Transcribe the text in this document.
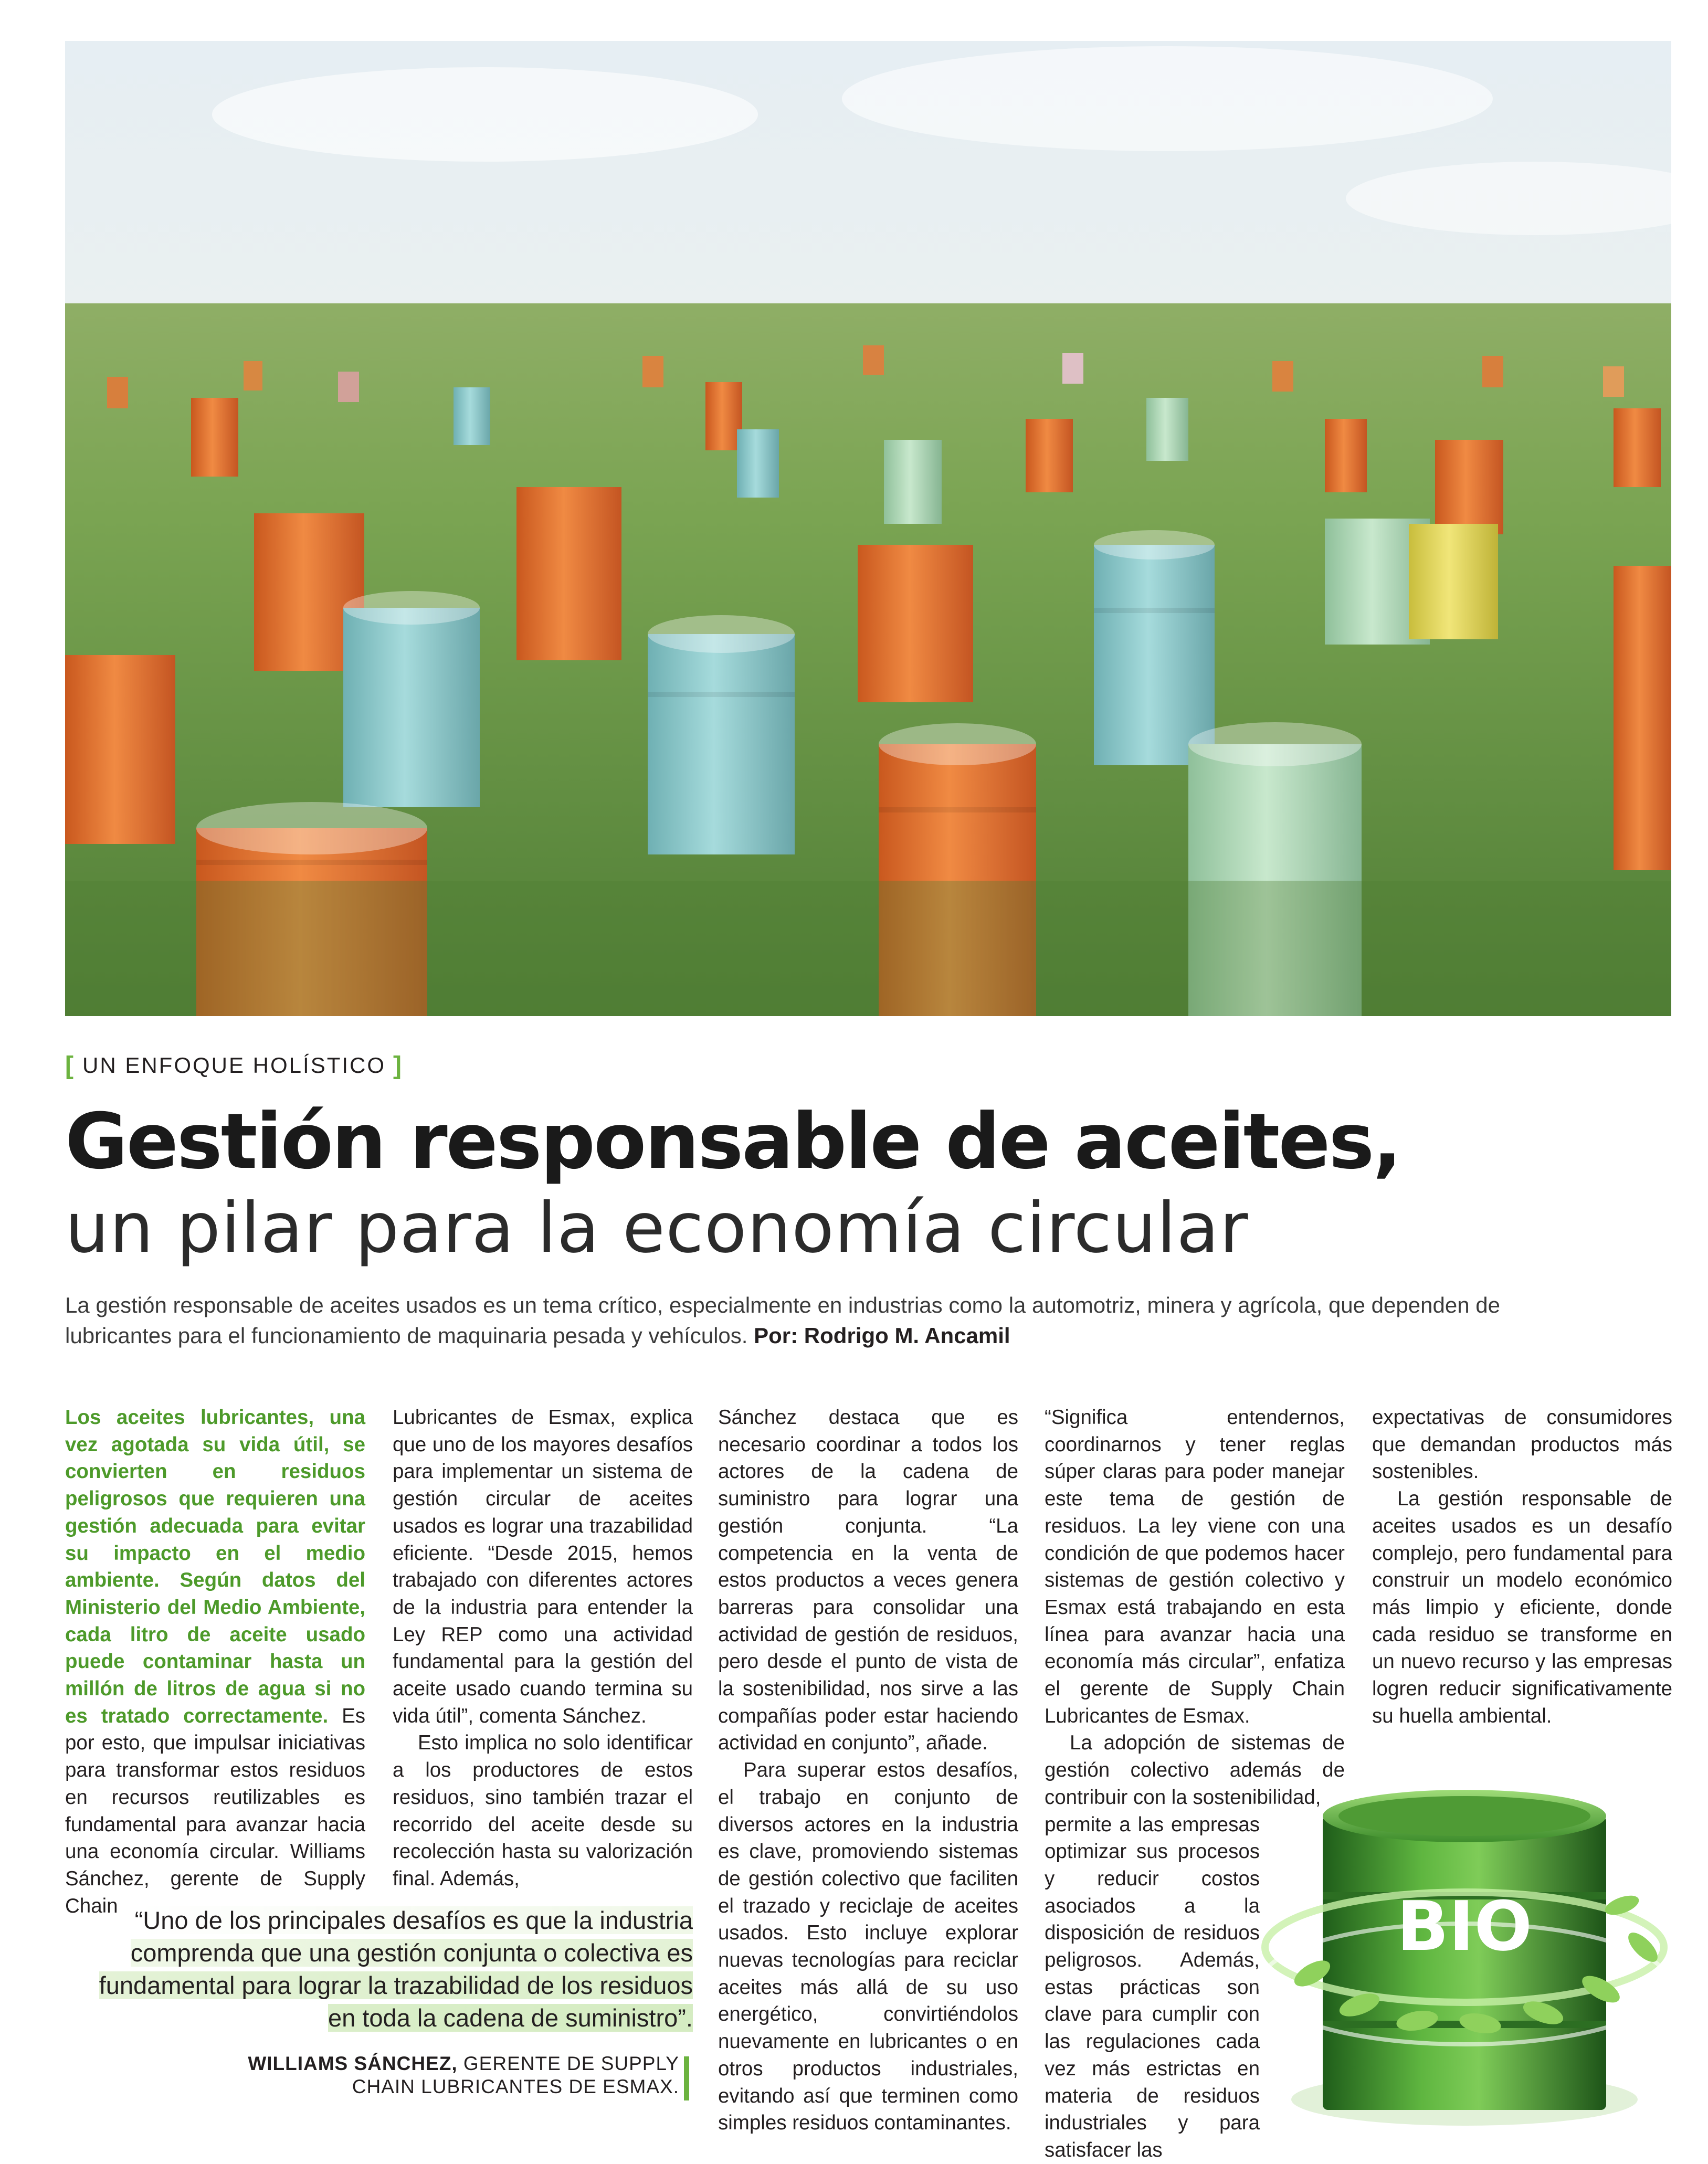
[ UN ENFOQUE HOLÍSTICO ]
Gestión responsable de aceites,
un pilar para la economía circular
La gestión responsable de aceites usados es un tema crítico, especialmente en industrias como la automotriz, minera y agrícola, que dependen de lubricantes para el funcionamiento de maquinaria pesada y vehículos. Por: Rodrigo M. Ancamil

Los aceites lubricantes, una vez agotada su vida útil, se convierten en residuos peligrosos que requieren una gestión adecuada para evitar su impacto en el medio ambiente. Según datos del Ministerio del Medio Ambiente, cada litro de aceite usado puede contaminar hasta un millón de litros de agua si no es tratado correctamente. Es por esto, que impulsar iniciativas para transformar estos residuos en recursos reutilizables es fundamental para avanzar hacia una economía circular. Williams Sánchez, gerente de Supply Chain

Lubricantes de Esmax, explica que uno de los mayores desafíos para implementar un sistema de gestión circular de aceites usados es lograr una trazabilidad eficiente. “Desde 2015, hemos trabajado con diferentes actores de la industria para entender la Ley REP como una actividad fundamental para la gestión del aceite usado cuando termina su vida útil”, comenta Sánchez.

Esto implica no solo identificar a los productores de estos residuos, sino también trazar el recorrido del aceite desde su recolección hasta su valorización final. Además,

Sánchez destaca que es necesario coordinar a todos los actores de la cadena de suministro para lograr una gestión conjunta. “La competencia en la venta de estos productos a veces genera barreras para consolidar una actividad de gestión de residuos, pero desde el punto de vista de la sostenibilidad, nos sirve a las compañías poder estar haciendo actividad en conjunto”, añade.

Para superar estos desafíos, el trabajo en conjunto de diversos actores en la industria es clave, promoviendo sistemas de gestión colectivo que faciliten el trazado y reciclaje de aceites usados. Esto incluye explorar nuevas tecnologías para reciclar aceites más allá de su uso energético, convirtiéndolos nuevamente en lubricantes o en otros productos industriales, evitando así que terminen como simples residuos contaminantes.

“Significa entendernos, coordinarnos y tener reglas súper claras para poder manejar este tema de gestión de residuos. La ley viene con una condición de que podemos hacer sistemas de gestión colectivo y Esmax está trabajando en esta línea para avanzar hacia una economía más circular”, enfatiza el gerente de Supply Chain Lubricantes de Esmax.

La adopción de sistemas de gestión colectivo además de contribuir con la sostenibilidad,

permite a las empresas optimizar sus procesos y reducir costos asociados a la disposición de residuos peligrosos. Además, estas prácticas son clave para cumplir con las regulaciones cada vez más estrictas en materia de residuos industriales y para satisfacer las

expectativas de consumidores que demandan productos más sostenibles.

La gestión responsable de aceites usados es un desafío complejo, pero fundamental para construir un modelo económico más limpio y eficiente, donde cada residuo se transforme en un nuevo recurso y las empresas logren reducir significativamente su huella ambiental.

“Uno de los principales desafíos es que la industria comprenda que una gestión conjunta o colectiva es fundamental para lograr la trazabilidad de los residuos en toda la cadena de suministro”.
WILLIAMS SÁNCHEZ, GERENTE DE SUPPLY
CHAIN LUBRICANTES DE ESMAX.
BIO
